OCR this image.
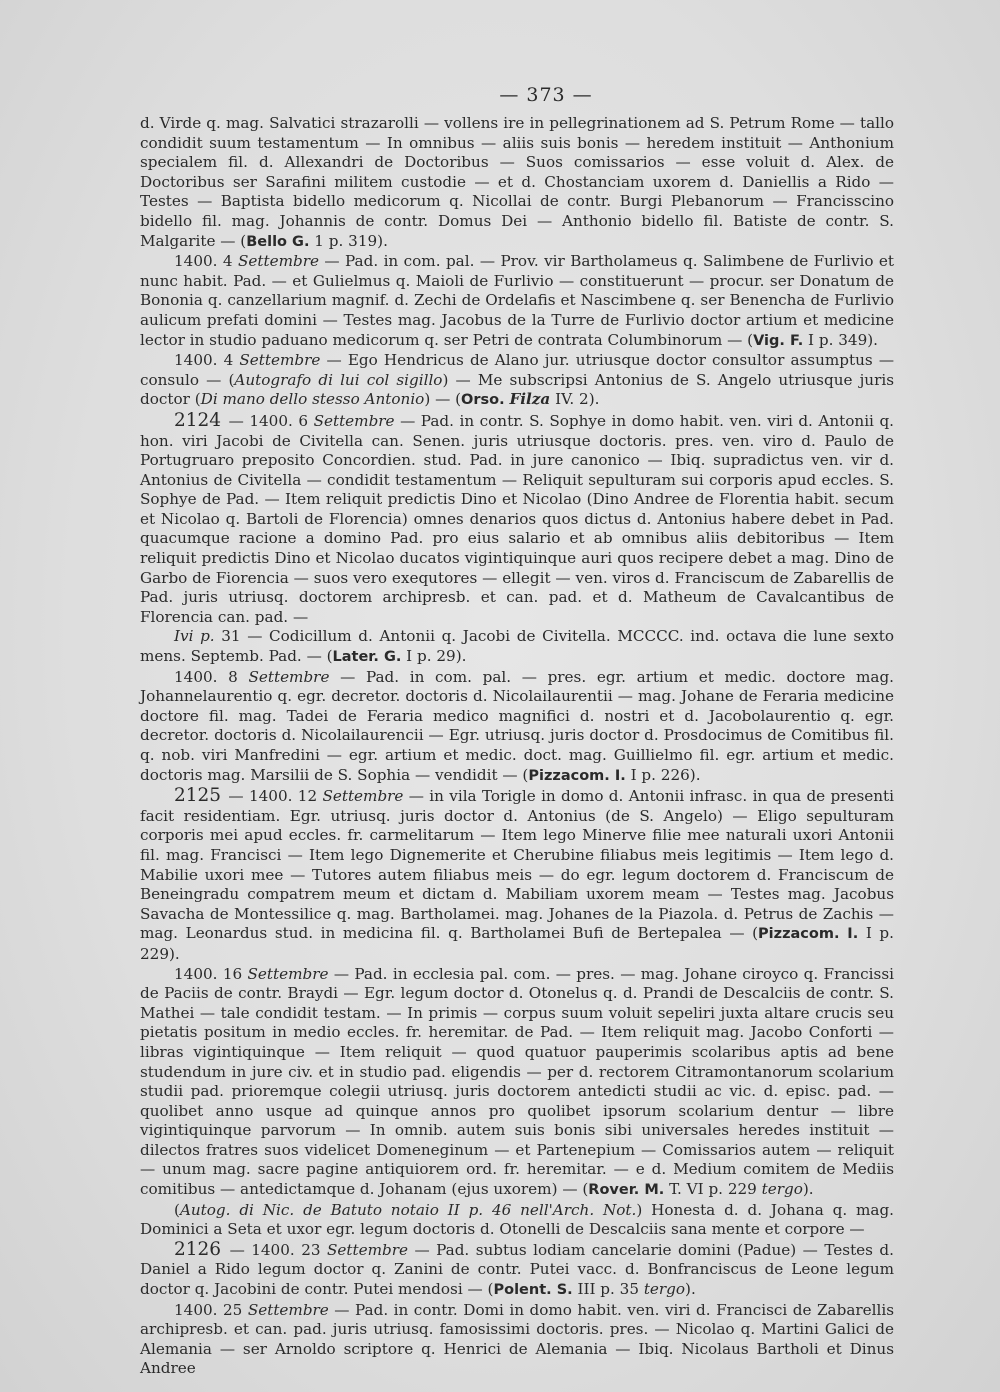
— 373 —

d. Virde q. mag. Salvatici strazarolli — vollens ire in pellegrinationem ad S. Petrum Rome — tallo condidit suum testamentum — In omnibus — aliis suis bonis — heredem instituit — Anthonium specialem fil. d. Allexandri de Doctoribus — Suos comissarios — esse voluit d. Alex. de Doctoribus ser Sarafini militem custodie — et d. Chostanciam uxorem d. Daniellis a Rido — Testes — Baptista bidello medicorum q. Nicollai de contr. Burgi Plebanorum — Francisscino bidello fil. mag. Johannis de contr. Domus Dei — Anthonio bidello fil. Batiste de contr. S. Malgarite — (Bello G. 1 p. 319).

1400. 4 Settembre — Pad. in com. pal. — Prov. vir Bartholameus q. Salimbene de Furlivio et nunc habit. Pad. — et Gulielmus q. Maioli de Furlivio — constituerunt — procur. ser Donatum de Bononia q. canzellarium magnif. d. Zechi de Ordelafis et Nascimbene q. ser Benencha de Furlivio aulicum prefati domini — Testes mag. Jacobus de la Turre de Furlivio doctor artium et medicine lector in studio paduano medicorum q. ser Petri de contrata Columbinorum — (Vig. F. I p. 349).

1400. 4 Settembre — Ego Hendricus de Alano jur. utriusque doctor consultor assumptus — consulo — (Autografo di lui col sigillo) — Me subscripsi Antonius de S. Angelo utriusque juris doctor (Di mano dello stesso Antonio) — (Orso. Filza IV. 2).

2124 — 1400. 6 Settembre — Pad. in contr. S. Sophye in domo habit. ven. viri d. Antonii q. hon. viri Jacobi de Civitella can. Senen. juris utriusque doctoris. pres. ven. viro d. Paulo de Portugruaro preposito Concordien. stud. Pad. in jure canonico — Ibiq. supradictus ven. vir d. Antonius de Civitella — condidit testamentum — Reliquit sepulturam sui corporis apud eccles. S. Sophye de Pad. — Item reliquit predictis Dino et Nicolao (Dino Andree de Florentia habit. secum et Nicolao q. Bartoli de Florencia) omnes denarios quos dictus d. Antonius habere debet in Pad. quacumque racione a domino Pad. pro eius salario et ab omnibus aliis debitoribus — Item reliquit predictis Dino et Nicolao ducatos vigintiquinque auri quos recipere debet a mag. Dino de Garbo de Fiorencia — suos vero exequtores — ellegit — ven. viros d. Franciscum de Zabarellis de Pad. juris utriusq. doctorem archipresb. et can. pad. et d. Matheum de Cavalcantibus de Florencia can. pad. —

Ivi p. 31 — Codicillum d. Antonii q. Jacobi de Civitella. MCCCC. ind. octava die lune sexto mens. Septemb. Pad. — (Later. G. I p. 29).

1400. 8 Settembre — Pad. in com. pal. — pres. egr. artium et medic. doctore mag. Johannelaurentio q. egr. decretor. doctoris d. Nicolailaurentii — mag. Johane de Feraria medicine doctore fil. mag. Tadei de Feraria medico magnifici d. nostri et d. Jacobolaurentio q. egr. decretor. doctoris d. Nicolailaurencii — Egr. utriusq. juris doctor d. Prosdocimus de Comitibus fil. q. nob. viri Manfredini — egr. artium et medic. doct. mag. Guillielmo fil. egr. artium et medic. doctoris mag. Marsilii de S. Sophia — vendidit — (Pizzacom. I. I p. 226).

2125 — 1400. 12 Settembre — in vila Torigle in domo d. Antonii infrasc. in qua de presenti facit residentiam. Egr. utriusq. juris doctor d. Antonius (de S. Angelo) — Eligo sepulturam corporis mei apud eccles. fr. carmelitarum — Item lego Minerve filie mee naturali uxori Antonii fil. mag. Francisci — Item lego Dignemerite et Cherubine filiabus meis legitimis — Item lego d. Mabilie uxori mee — Tutores autem filiabus meis — do egr. legum doctorem d. Franciscum de Beneingradu compatrem meum et dictam d. Mabiliam uxorem meam — Testes mag. Jacobus Savacha de Montessilice q. mag. Bartholamei. mag. Johanes de la Piazola. d. Petrus de Zachis — mag. Leonardus stud. in medicina fil. q. Bartholamei Bufi de Bertepalea — (Pizzacom. I. I p. 229).

1400. 16 Settembre — Pad. in ecclesia pal. com. — pres. — mag. Johane ciroyco q. Francissi de Paciis de contr. Braydi — Egr. legum doctor d. Otonelus q. d. Prandi de Descalciis de contr. S. Mathei — tale condidit testam. — In primis — corpus suum voluit sepeliri juxta altare crucis seu pietatis positum in medio eccles. fr. heremitar. de Pad. — Item reliquit mag. Jacobo Conforti — libras vigintiquinque — Item reliquit — quod quatuor pauperimis scolaribus aptis ad bene studendum in jure civ. et in studio pad. eligendis — per d. rectorem Citramontanorum scolarium studii pad. prioremque colegii utriusq. juris doctorem antedicti studii ac vic. d. episc. pad. — quolibet anno usque ad quinque annos pro quolibet ipsorum scolarium dentur — libre vigintiquinque parvorum — In omnib. autem suis bonis sibi universales heredes instituit — dilectos fratres suos videlicet Domeneginum — et Partenepium — Comissarios autem — reliquit — unum mag. sacre pagine antiquiorem ord. fr. heremitar. — e d. Medium comitem de Mediis comitibus — antedictamque d. Johanam (ejus uxorem) — (Rover. M. T. VI p. 229 tergo).

(Autog. di Nic. de Batuto notaio II p. 46 nell'Arch. Not.) Honesta d. d. Johana q. mag. Dominici a Seta et uxor egr. legum doctoris d. Otonelli de Descalciis sana mente et corpore —

2126 — 1400. 23 Settembre — Pad. subtus lodiam cancelarie domini (Padue) — Testes d. Daniel a Rido legum doctor q. Zanini de contr. Putei vacc. d. Bonfranciscus de Leone legum doctor q. Jacobini de contr. Putei mendosi — (Polent. S. III p. 35 tergo).

1400. 25 Settembre — Pad. in contr. Domi in domo habit. ven. viri d. Francisci de Zabarellis archipresb. et can. pad. juris utriusq. famosissimi doctoris. pres. — Nicolao q. Martini Galici de Alemania — ser Arnoldo scriptore q. Henrici de Alemania — Ibiq. Nicolaus Bartholi et Dinus Andree
